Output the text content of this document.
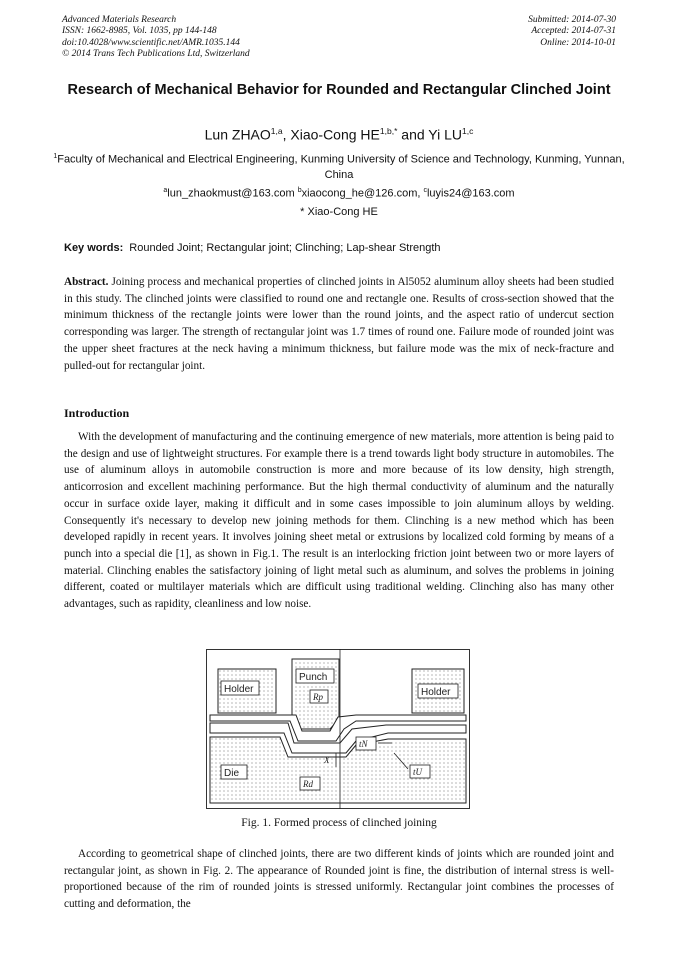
Advanced Materials Research
ISSN: 1662-8985, Vol. 1035, pp 144-148
doi:10.4028/www.scientific.net/AMR.1035.144
© 2014 Trans Tech Publications Ltd, Switzerland
Submitted: 2014-07-30
Accepted: 2014-07-31
Online: 2014-10-01
Research of Mechanical Behavior for Rounded and Rectangular Clinched Joint
Lun ZHAO$^{1,a}$, Xiao-Cong $HE^{1,b,*}$ and Yi LU$^{1,c}$
$^1$Faculty of Mechanical and Electrical Engineering, Kunming University of Science and Technology, Kunming, Yunnan, China
$^a$lun_zhaokmust@163.com $^b$xiaocong_he@126.com, $^c$luyis24@163.com
* Xiao-Cong HE
Key words: Rounded Joint; Rectangular joint; Clinching; Lap-shear Strength
Abstract. Joining process and mechanical properties of clinched joints in Al5052 aluminum alloy sheets had been studied in this study. The clinched joints were classified to round one and rectangle one. Results of cross-section showed that the minimum thickness of the rectangle joints were lower than the round joints, and the aspect ratio of undercut section corresponding was larger. The strength of rectangular joint was 1.7 times of round one. Failure mode of rounded joint was the upper sheet fractures at the neck having a minimum thickness, but failure mode was the mix of neck-fracture and pulled-out for rectangular joint.
Introduction
With the development of manufacturing and the continuing emergence of new materials, more attention is being paid to the design and use of lightweight structures. For example there is a trend towards light body structure in automobiles. The use of aluminum alloys in automobile construction is more and more because of its low density, high strength, anticorrosion and excellent machining performance. But the high thermal conductivity of aluminum and the naturally occur in surface oxide layer, making it difficult and in some cases impossible to join aluminum alloys by welding. Consequently it's necessary to develop new joining methods for them. Clinching is a new method which has been developed rapidly in recent years. It involves joining sheet metal or extrusions by localized cold forming by means of a punch into a special die [1], as shown in Fig.1. The result is an interlocking friction joint between two or more layers of material. Clinching enables the satisfactory joining of light metal such as aluminum, and solves the problems in joining different, coated or multilayer materials which are difficult using traditional welding. Clinching also has many other advantages, such as rapidity, cleanliness and low noise.
Holder
Punch
Rp	Holder
Die
tN
X
Rd
tU
Fig. 1. Formed process of clinched joining
According to geometrical shape of clinched joints, there are two different kinds of joints which are rounded joint and rectangular joint, as shown in Fig. 2. The appearance of Rounded joint is fine, the distribution of internal stress is well-proportioned because of the rim of rounded joints is stressed uniformly. Rectangular joint combines the processes of cutting and deformation, the
